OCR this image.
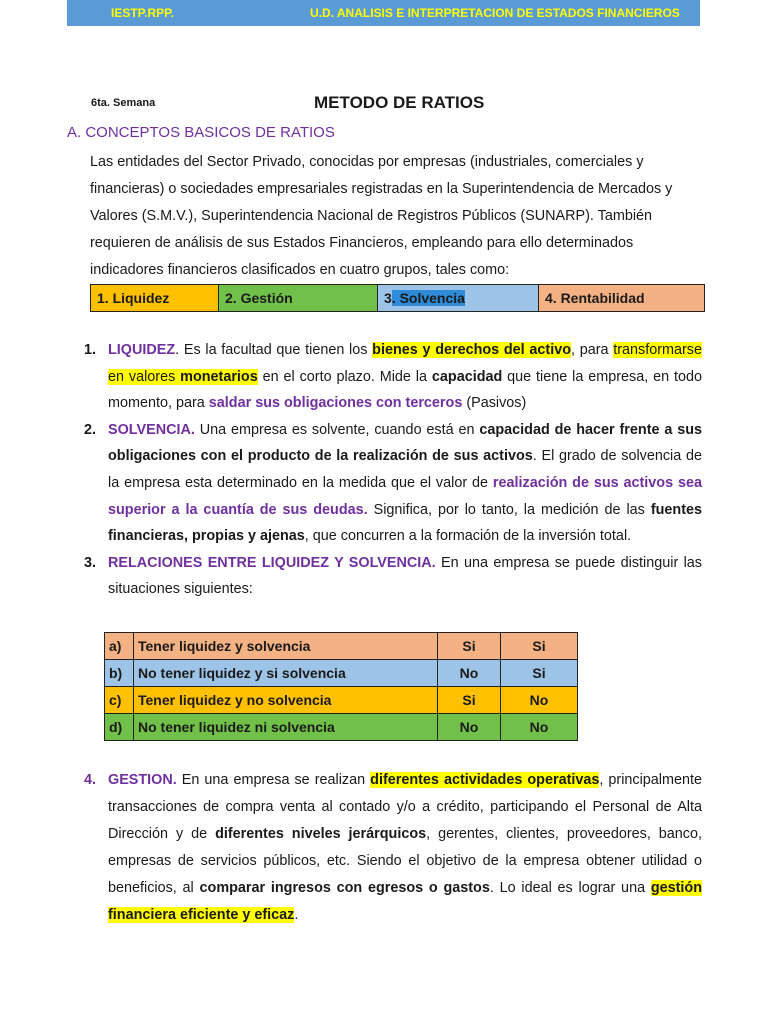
IESTP.RPP.	U.D. ANALISIS E INTERPRETACION DE ESTADOS FINANCIEROS
6ta. Semana	METODO DE RATIOS
A. CONCEPTOS BASICOS DE RATIOS

Las entidades del Sector Privado, conocidas por empresas (industriales, comerciales y

financieras) o sociedades empresariales registradas en la Superintendencia de Mercados y

Valores (S.M.V.), Superintendencia Nacional de Registros Públicos (SUNARP). También

requieren de análisis de sus Estados Financieros, empleando para ello determinados

indicadores financieros clasificados en cuatro grupos, tales como:

1. Liquidez	2. Gestión	3. Solvencia	4. Rentabilidad
1. LIQUIDEZ. Es la facultad que tienen los bienes y derechos del activo, para transformarse en valores monetarios en el corto plazo. Mide la capacidad que tiene la empresa, en todo momento, para saldar sus obligaciones con terceros (Pasivos)
2. SOLVENCIA. Una empresa es solvente, cuando está en capacidad de hacer frente a sus obligaciones con el producto de la realización de sus activos. El grado de solvencia de la empresa esta determinado en la medida que el valor de realización de sus activos sea superior a la cuantía de sus deudas. Significa, por lo tanto, la medición de las fuentes financieras, propias y ajenas, que concurren a la formación de la inversión total.
3. RELACIONES ENTRE LIQUIDEZ Y SOLVENCIA. En una empresa se puede distinguir las situaciones siguientes:
a)	Tener liquidez y solvencia	Si	Si
b)	No tener liquidez y si solvencia	No	Si
c)	Tener liquidez y no solvencia	Si	No
d)	No tener liquidez ni solvencia	No	No
4. GESTION. En una empresa se realizan diferentes actividades operativas, principalmente transacciones de compra venta al contado y/o a crédito, participando el Personal de Alta Dirección y de diferentes niveles jerárquicos, gerentes, clientes, proveedores, banco, empresas de servicios públicos, etc. Siendo el objetivo de la empresa obtener utilidad o beneficios, al comparar ingresos con egresos o gastos. Lo ideal es lograr una gestión financiera eficiente y eficaz.
